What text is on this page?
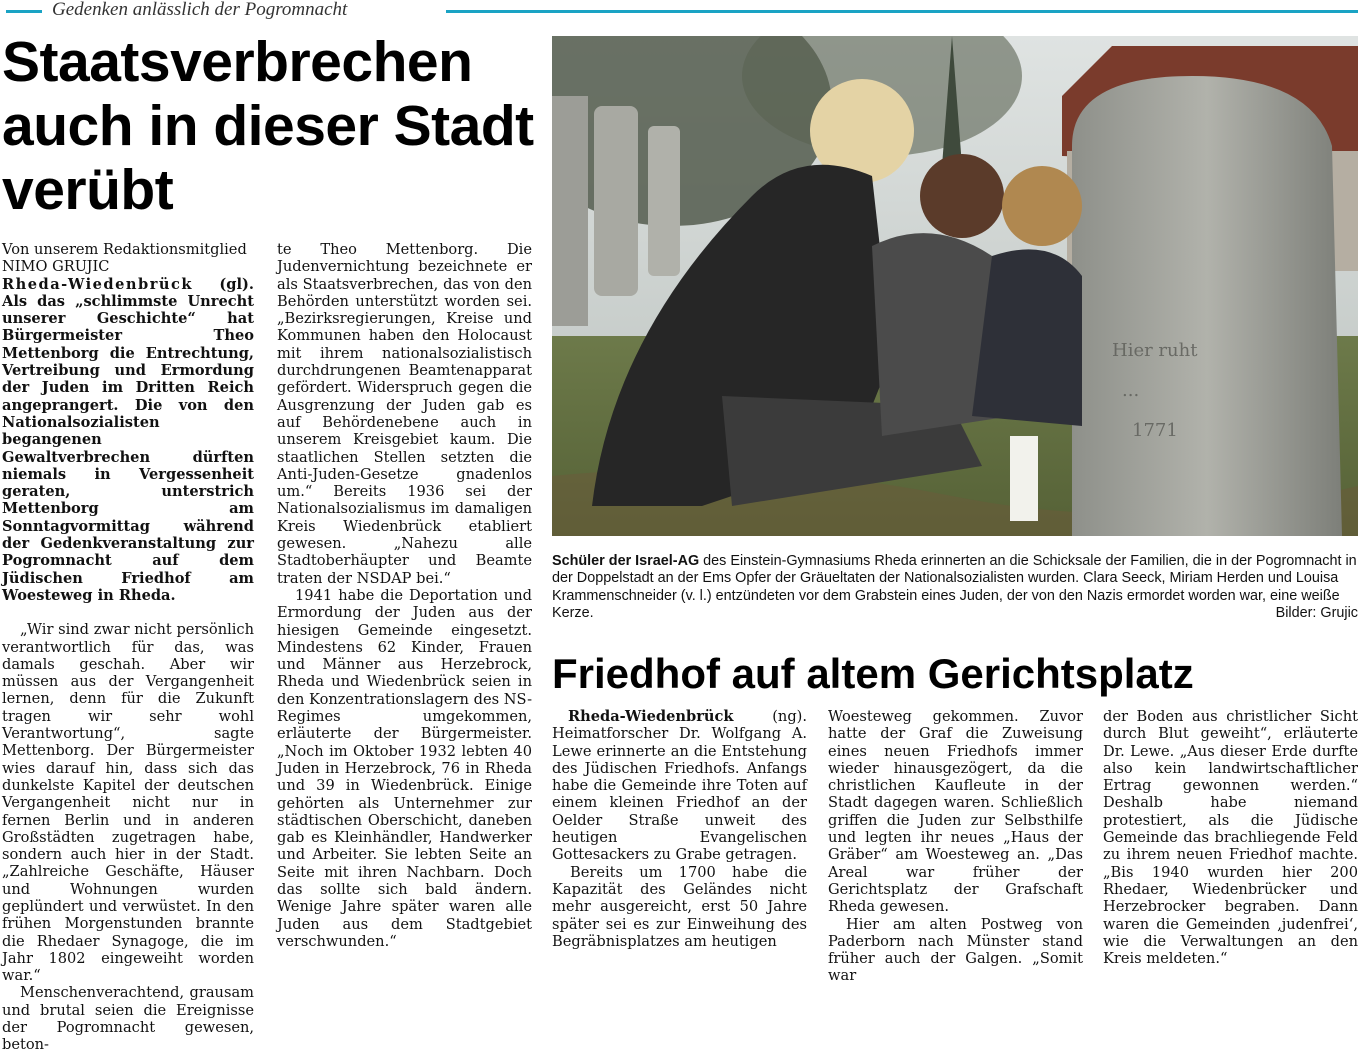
Gedenken anlässlich der Pogromnacht
Staatsverbrechen auch in dieser Stadt verübt

Von unserem Redaktionsmitglied NIMO GRUJIC

Rheda-Wiedenbrück (gl). Als das „schlimmste Unrecht unserer Geschichte“ hat Bürgermeister Theo Mettenborg die Entrechtung, Vertreibung und Ermordung der Juden im Dritten Reich angeprangert. Die von den Nationalsozialisten begangenen Gewaltverbrechen dürften niemals in Vergessenheit geraten, unterstrich Mettenborg am Sonntagvormittag während der Gedenkveranstaltung zur Pogromnacht auf dem Jüdischen Friedhof am Woesteweg in Rheda.

„Wir sind zwar nicht persönlich verantwortlich für das, was damals geschah. Aber wir müssen aus der Vergangenheit lernen, denn für die Zukunft tragen wir sehr wohl Verantwortung“, sagte Mettenborg. Der Bürgermeister wies darauf hin, dass sich das dunkelste Kapitel der deutschen Vergangenheit nicht nur in fernen Berlin und in anderen Großstädten zugetragen habe, sondern auch hier in der Stadt. „Zahlreiche Geschäfte, Häuser und Wohnungen wurden geplündert und verwüstet. In den frühen Morgenstunden brannte die Rhedaer Synagoge, die im Jahr 1802 eingeweiht worden war.“

Menschenverachtend, grausam und brutal seien die Ereignisse der Pogromnacht gewesen, beton-

te Theo Mettenborg. Die Judenvernichtung bezeichnete er als Staatsverbrechen, das von den Behörden unterstützt worden sei. „Bezirksregierungen, Kreise und Kommunen haben den Holocaust mit ihrem nationalsozialistisch durchdrungenen Beamtenapparat gefördert. Widerspruch gegen die Ausgrenzung der Juden gab es auf Behördenebene auch in unserem Kreisgebiet kaum. Die staatlichen Stellen setzten die Anti-Juden-Gesetze gnadenlos um.“ Bereits 1936 sei der Nationalsozialismus im damaligen Kreis Wiedenbrück etabliert gewesen. „Nahezu alle Stadtoberhäupter und Beamte traten der NSDAP bei.“

1941 habe die Deportation und Ermordung der Juden aus der hiesigen Gemeinde eingesetzt. Mindestens 62 Kinder, Frauen und Männer aus Herzebrock, Rheda und Wiedenbrück seien in den Konzentrationslagern des NS-Regimes umgekommen, erläuterte der Bürgermeister. „Noch im Oktober 1932 lebten 40 Juden in Herzebrock, 76 in Rheda und 39 in Wiedenbrück. Einige gehörten als Unternehmer zur städtischen Oberschicht, daneben gab es Kleinhändler, Handwerker und Arbeiter. Sie lebten Seite an Seite mit ihren Nachbarn. Doch das sollte sich bald ändern. Wenige Jahre später waren alle Juden aus dem Stadtgebiet verschwunden.“

Hier ruht ... 1771

Schüler der Israel-AG des Einstein-Gymnasiums Rheda erinnerten an die Schicksale der Familien, die in der Pogromnacht in der Doppelstadt an der Ems Opfer der Gräueltaten der Nationalsozialisten wurden. Clara Seeck, Miriam Herden und Louisa Krammenschneider (v. l.) entzündeten vor dem Grabstein eines Juden, der von den Nazis ermordet worden war, eine weiße Kerze.	Bilder: Grujic

Friedhof auf altem Gerichtsplatz

Rheda-Wiedenbrück (ng). Heimatforscher Dr. Wolfgang A. Lewe erinnerte an die Entstehung des Jüdischen Friedhofs. Anfangs habe die Gemeinde ihre Toten auf einem kleinen Friedhof an der Oelder Straße unweit des heutigen Evangelischen Gottesackers zu Grabe getragen.

Bereits um 1700 habe die Kapazität des Geländes nicht mehr ausgereicht, erst 50 Jahre später sei es zur Einweihung des Begräbnisplatzes am heutigen

Woesteweg gekommen. Zuvor hatte der Graf die Zuweisung eines neuen Friedhofs immer wieder hinausgezögert, da die christlichen Kaufleute in der Stadt dagegen waren. Schließlich griffen die Juden zur Selbsthilfe und legten ihr neues „Haus der Gräber“ am Woesteweg an. „Das Areal war früher der Gerichtsplatz der Grafschaft Rheda gewesen.

Hier am alten Postweg von Paderborn nach Münster stand früher auch der Galgen. „Somit war

der Boden aus christlicher Sicht durch Blut geweiht“, erläuterte Dr. Lewe. „Aus dieser Erde durfte also kein landwirtschaftlicher Ertrag gewonnen werden.“ Deshalb habe niemand protestiert, als die Jüdische Gemeinde das brachliegende Feld zu ihrem neuen Friedhof machte. „Bis 1940 wurden hier 200 Rhedaer, Wiedenbrücker und Herzebrocker begraben. Dann waren die Gemeinden ‚judenfrei‘, wie die Verwaltungen an den Kreis meldeten.“
